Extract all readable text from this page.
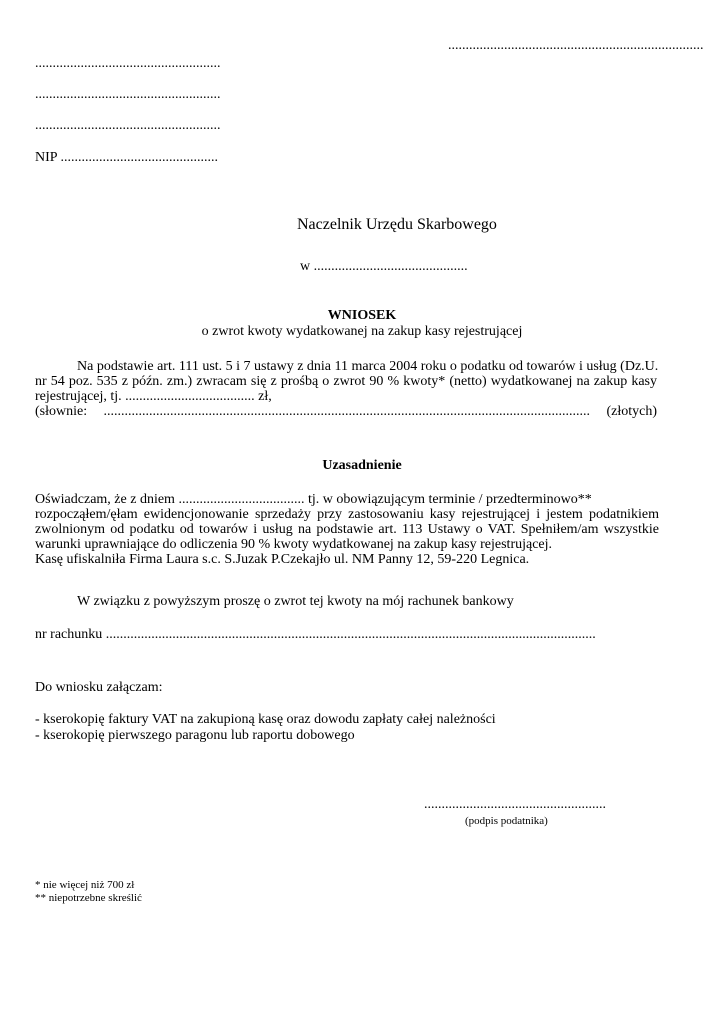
.........................................................................
.....................................................
.....................................................
.....................................................
NIP .............................................
Naczelnik Urzędu Skarbowego
w ............................................
WNIOSEK
o zwrot kwoty wydatkowanej na zakup kasy rejestrującej
Na podstawie art. 111 ust. 5 i 7 ustawy z dnia 11 marca 2004 roku o podatku od towarów i usług (Dz.U.
nr 54 poz. 535 z późn. zm.) zwracam się z prośbą o zwrot 90 % kwoty* (netto) wydatkowanej na zakup kasy
rejestrującej, tj. ..................................... zł,
(słownie: ........................................................................................................................................... (złotych)
Uzasadnienie
Oświadczam, że z dniem .................................... tj. w obowiązującym terminie / przedterminowo**
rozpocząłem/ęłam ewidencjonowanie sprzedaży przy zastosowaniu kasy rejestrującej i jestem podatnikiem
zwolnionym od podatku od towarów i usług na podstawie art. 113 Ustawy o VAT. Spełniłem/am wszystkie
warunki uprawniające do odliczenia 90 % kwoty wydatkowanej na zakup kasy rejestrującej.
Kasę ufiskalniła Firma Laura s.c. S.Juzak P.Czekajło ul. NM Panny 12, 59-220 Legnica.
W związku z powyższym proszę o zwrot tej kwoty na mój rachunek bankowy
nr rachunku ............................................................................................................................................
Do wniosku załączam:
- kserokopię faktury VAT na zakupioną kasę oraz dowodu zapłaty całej należności
- kserokopię pierwszego paragonu lub raportu dobowego
....................................................
(podpis podatnika)
* nie więcej niż 700 zł
** niepotrzebne skreślić
